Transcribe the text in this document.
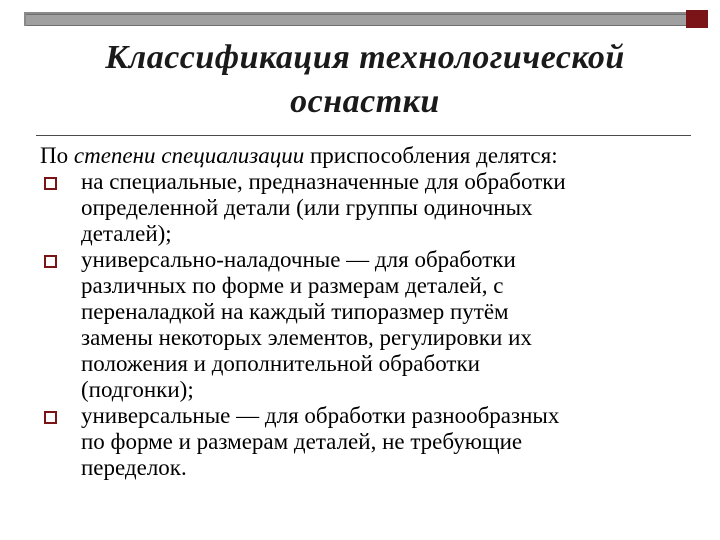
Классификация технологической
оснастки

По степени специализации приспособления делятся:

на специальные, предназначенные для обработки
определенной детали (или группы одиночных
деталей);
универсально-наладочные — для обработки
различных по форме и размерам деталей, с
переналадкой на каждый типоразмер путём
замены некоторых элементов, регулировки их
положения и дополнительной обработки
(подгонки);
универсальные — для обработки разнообразных
по форме и размерам деталей, не требующие
переделок.
